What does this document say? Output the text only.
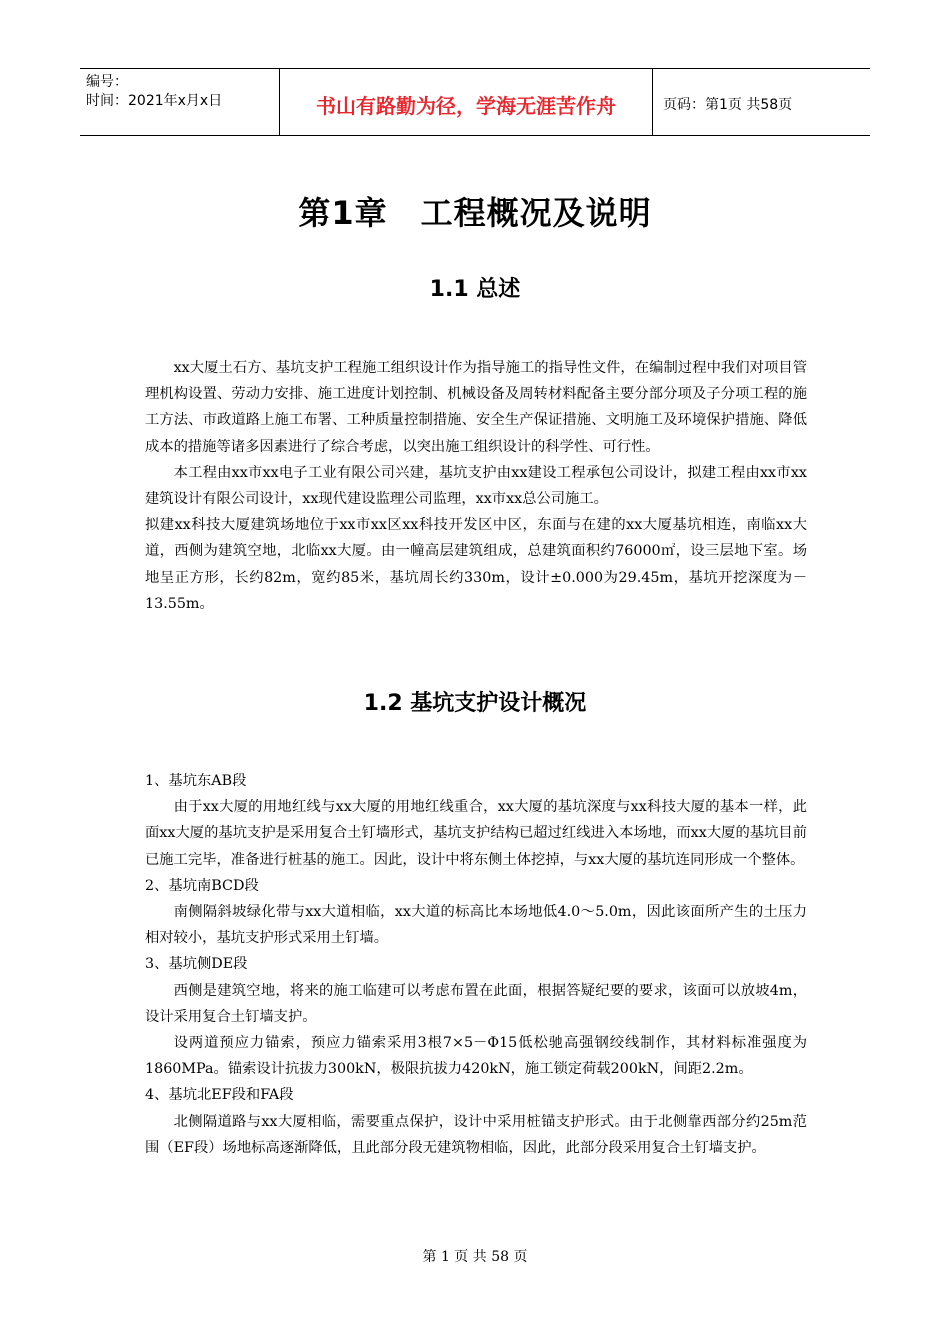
编号：
时间：2021年x月x日	书山有路勤为径，学海无涯苦作舟	页码：第1页 共58页
第1章　工程概况及说明
1.1 总述

xx大厦土石方、基坑支护工程施工组织设计作为指导施工的指导性文件，在编制过程中我们对项目管理机构设置、劳动力安排、施工进度计划控制、机械设备及周转材料配备主要分部分项及子分项工程的施工方法、市政道路上施工布署、工种质量控制措施、安全生产保证措施、文明施工及环境保护措施、降低成本的措施等诸多因素进行了综合考虑，以突出施工组织设计的科学性、可行性。

本工程由xx市xx电子工业有限公司兴建，基坑支护由xx建设工程承包公司设计，拟建工程由xx市xx建筑设计有限公司设计，xx现代建设监理公司监理，xx市xx总公司施工。

拟建xx科技大厦建筑场地位于xx市xx区xx科技开发区中区，东面与在建的xx大厦基坑相连，南临xx大道，西侧为建筑空地，北临xx大厦。由一幢高层建筑组成，总建筑面积约76000㎡，设三层地下室。场地呈正方形，长约82m，宽约85米，基坑周长约330m，设计±0.000为29.45m，基坑开挖深度为－13.55m。

1.2 基坑支护设计概况

1、基坑东AB段

由于xx大厦的用地红线与xx大厦的用地红线重合，xx大厦的基坑深度与xx科技大厦的基本一样，此面xx大厦的基坑支护是采用复合土钉墙形式，基坑支护结构已超过红线进入本场地，而xx大厦的基坑目前已施工完毕，准备进行桩基的施工。因此，设计中将东侧土体挖掉，与xx大厦的基坑连同形成一个整体。

2、基坑南BCD段

南侧隔斜坡绿化带与xx大道相临，xx大道的标高比本场地低4.0～5.0m，因此该面所产生的土压力相对较小，基坑支护形式采用土钉墙。

3、基坑侧DE段

西侧是建筑空地，将来的施工临建可以考虑布置在此面，根据答疑纪要的要求，该面可以放坡4m，设计采用复合土钉墙支护。

设两道预应力锚索，预应力锚索采用3根7×5－Φ15低松驰高强钢绞线制作，其材料标准强度为1860MPa。锚索设计抗拔力300kN，极限抗拔力420kN，施工锁定荷载200kN，间距2.2m。

4、基坑北EF段和FA段

北侧隔道路与xx大厦相临，需要重点保护，设计中采用桩锚支护形式。由于北侧靠西部分约25m范围（EF段）场地标高逐渐降低，且此部分段无建筑物相临，因此，此部分段采用复合土钉墙支护。

第 1 页 共 58 页
